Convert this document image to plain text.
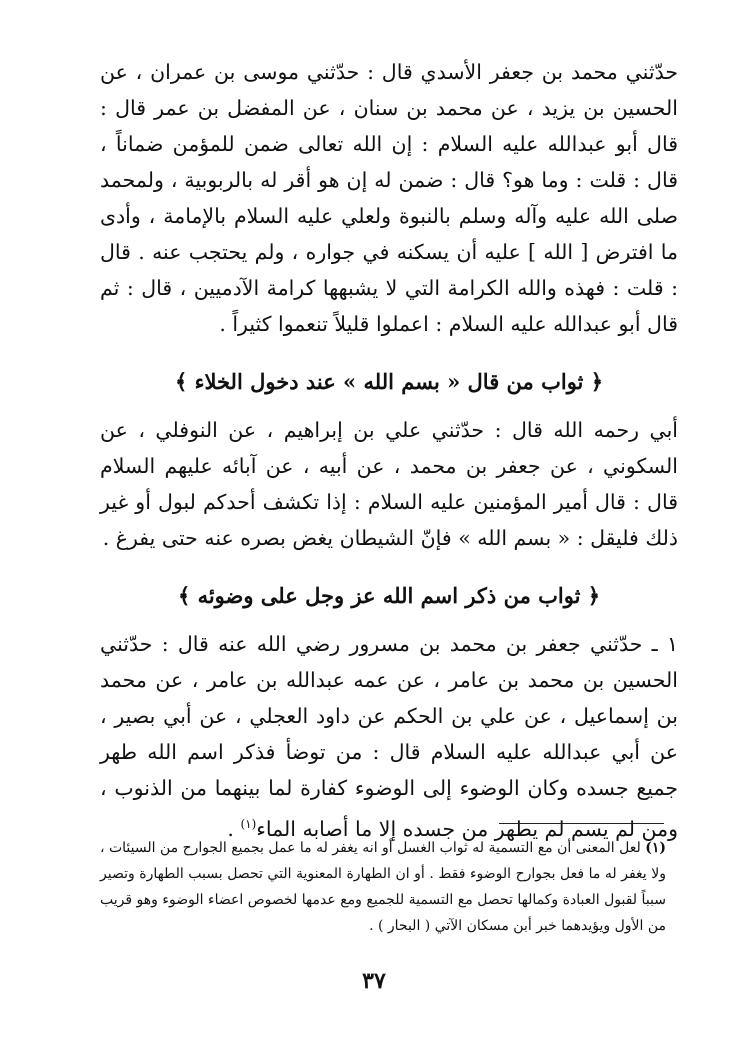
حدّثني محمد بن جعفر الأسدي قال : حدّثني موسى بن عمران ، عن الحسين بن يزيد ، عن محمد بن سنان ، عن المفضل بن عمر قال : قال أبو عبدالله عليه السلام : إن الله تعالى ضمن للمؤمن ضماناً ، قال : قلت : وما هو؟ قال : ضمن له إن هو أقر له بالربوبية ، ولمحمد صلى الله عليه وآله وسلم بالنبوة ولعلي عليه السلام بالإمامة ، وأدى ما افترض [ الله ] عليه أن يسكنه في جواره ، ولم يحتجب عنه . قال : قلت : فهذه والله الكرامة التي لا يشبهها كرامة الآدميين ، قال : ثم قال أبو عبدالله عليه السلام : اعملوا قليلاً تنعموا كثيراً .

﴿ ثواب من قال « بسم الله » عند دخول الخلاء ﴾

أبي رحمه الله قال : حدّثني علي بن إبراهيم ، عن النوفلي ، عن السكوني ، عن جعفر بن محمد ، عن أبيه ، عن آبائه عليهم السلام قال : قال أمير المؤمنين عليه السلام : إذا تكشف أحدكم لبول أو غير ذلك فليقل : « بسم الله » فإنّ الشيطان يغض بصره عنه حتى يفرغ .

﴿ ثواب من ذكر اسم الله عز وجل على وضوئه ﴾

١ ـ حدّثني جعفر بن محمد بن مسرور رضي الله عنه قال : حدّثني الحسين بن محمد بن عامر ، عن عمه عبدالله بن عامر ، عن محمد بن إسماعيل ، عن علي بن الحكم عن داود العجلي ، عن أبي بصير ، عن أبي عبدالله عليه السلام قال : من توضأ فذكر اسم الله طهر جميع جسده وكان الوضوء إلى الوضوء كفارة لما بينهما من الذنوب ، ومن لم يسم لم يطهر من جسده إلا ما أصابه الماء$^{(١)}$ .

(١) لعل المعنى أن مع التسمية له ثواب الغسل أو انه يغفر له ما عمل بجميع الجوارح من السيئات ، ولا يغفر له ما فعل بجوارح الوضوء فقط . أو ان الطهارة المعنوية التي تحصل بسبب الطهارة وتصير سبباً لقبول العبادة وكمالها تحصل مع التسمية للجميع ومع عدمها لخصوص اعضاء الوضوء وهو قريب من الأول ويؤيدهما خبر أبن مسكان الآتي ( البحار ) .
٣٧
